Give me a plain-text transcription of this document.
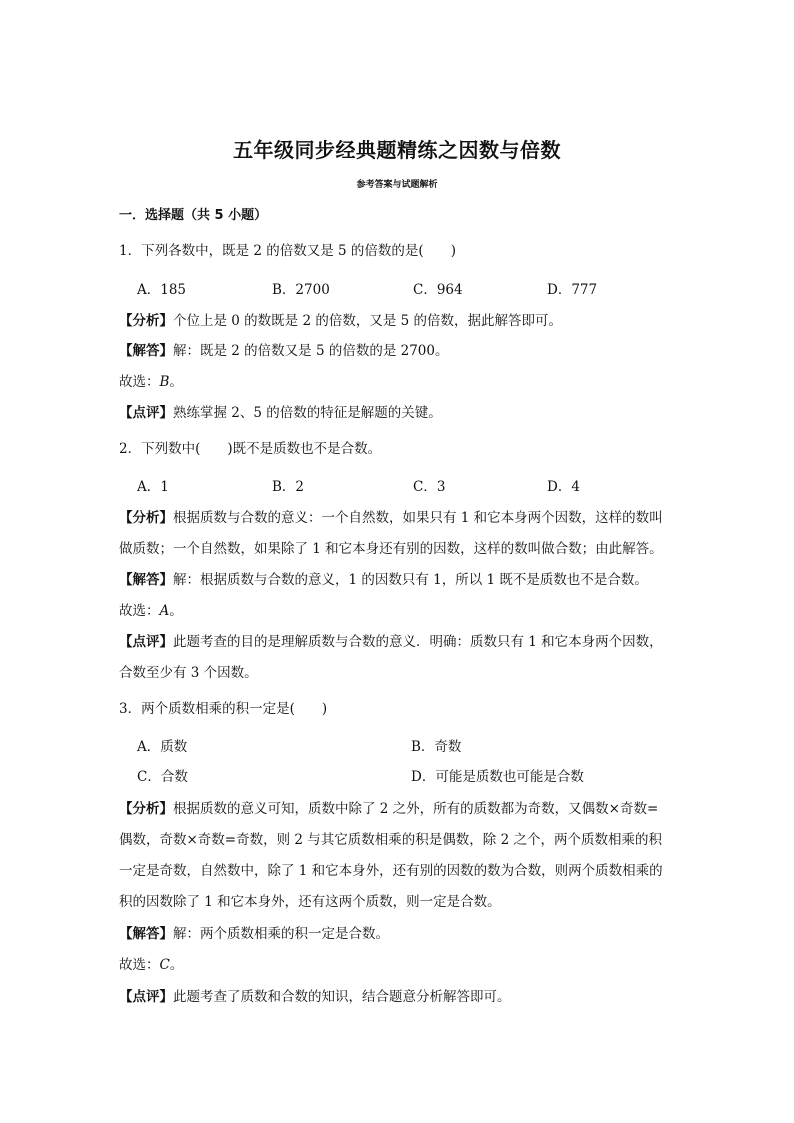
五年级同步经典题精练之因数与倍数
参考答案与试题解析
一．选择题（共 5 小题）
1．下列各数中，既是 2 的倍数又是 5 的倍数的是(　　)
A．185	B．2700	C．964	D．777
【分析】个位上是 0 的数既是 2 的倍数，又是 5 的倍数，据此解答即可。
【解答】解：既是 2 的倍数又是 5 的倍数的是 2700。
故选：B。
【点评】熟练掌握 2、5 的倍数的特征是解题的关键。
2．下列数中(　　)既不是质数也不是合数。
A．1	B．2	C．3	D．4
【分析】根据质数与合数的意义：一个自然数，如果只有 1 和它本身两个因数，这样的数叫
做质数；一个自然数，如果除了 1 和它本身还有别的因数，这样的数叫做合数；由此解答。
【解答】解：根据质数与合数的意义，1 的因数只有 1，所以 1 既不是质数也不是合数。
故选：A。
【点评】此题考查的目的是理解质数与合数的意义．明确：质数只有 1 和它本身两个因数，
合数至少有 3 个因数。
3．两个质数相乘的积一定是(　　)
A．质数	B．奇数
C．合数	D．可能是质数也可能是合数
【分析】根据质数的意义可知，质数中除了 2 之外，所有的质数都为奇数，又偶数×奇数=
偶数，奇数×奇数=奇数，则 2 与其它质数相乘的积是偶数，除 2 之个，两个质数相乘的积
一定是奇数，自然数中，除了 1 和它本身外，还有别的因数的数为合数，则两个质数相乘的
积的因数除了 1 和它本身外，还有这两个质数，则一定是合数。
【解答】解：两个质数相乘的积一定是合数。
故选：C。
【点评】此题考查了质数和合数的知识，结合题意分析解答即可。
